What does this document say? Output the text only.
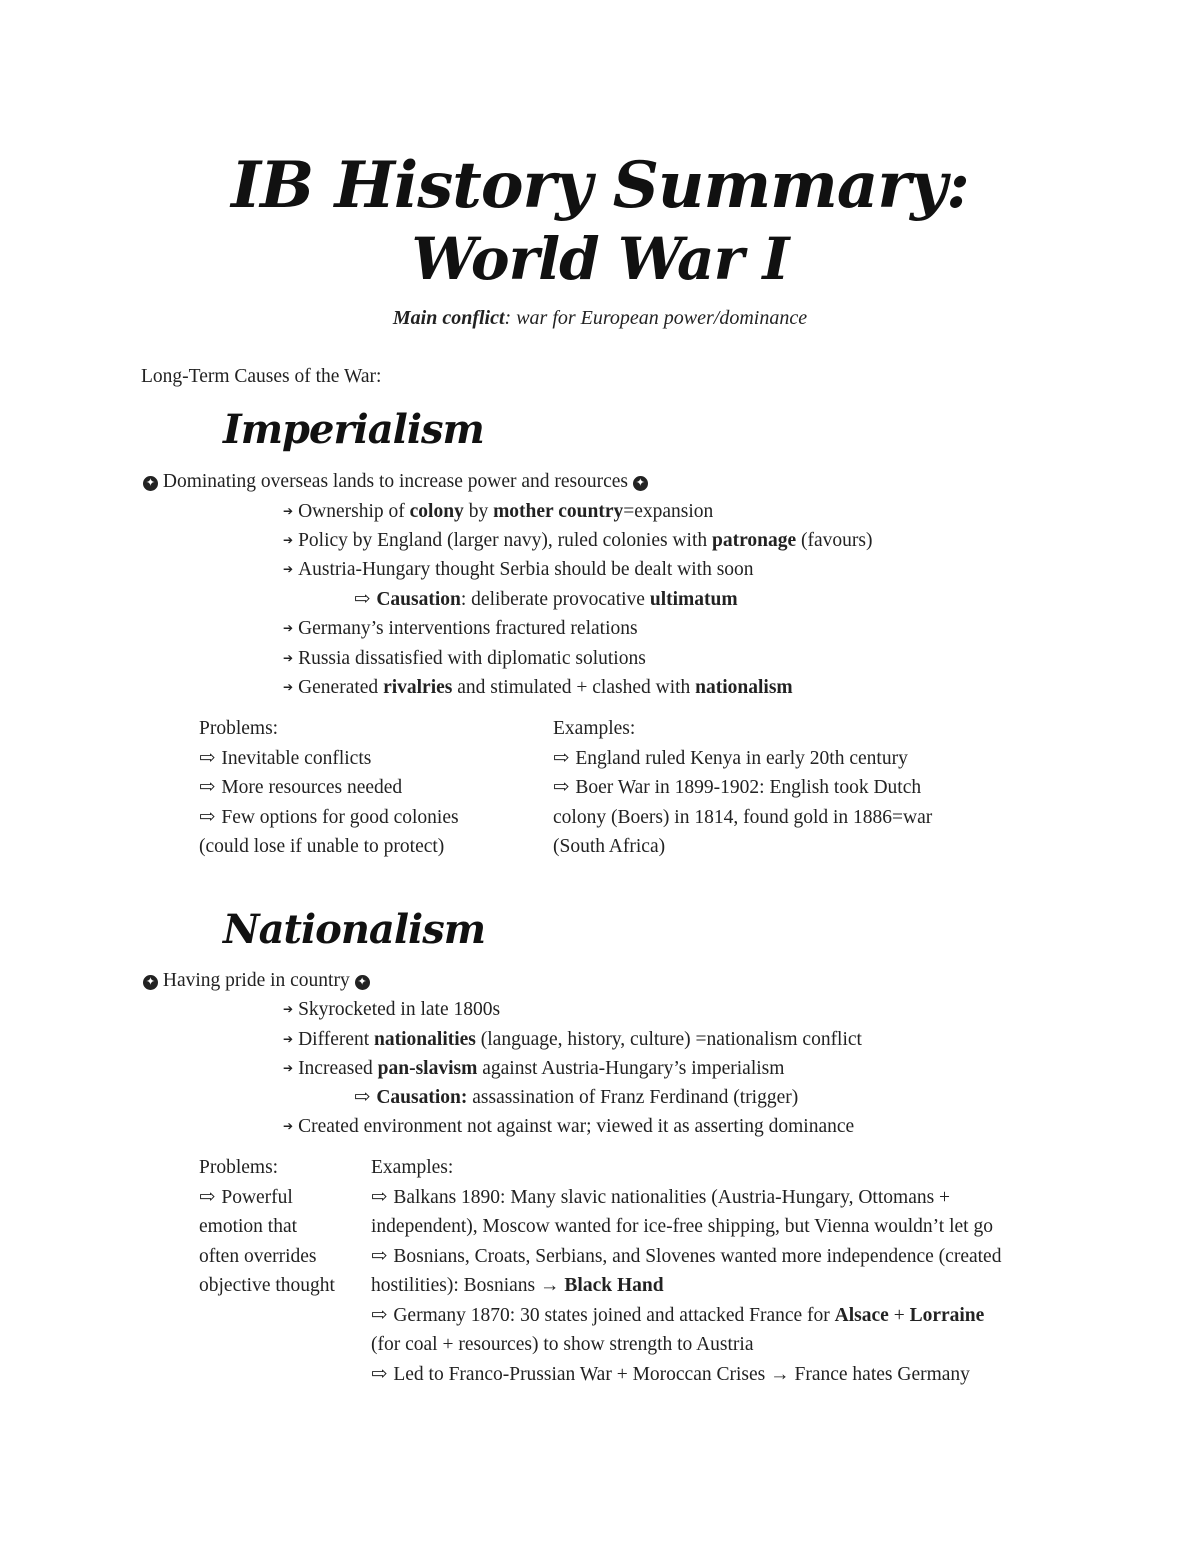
IB History Summary:
World War I
Main conflict: war for European power/dominance
Long-Term Causes of the War:
Imperialism
✦ Dominating overseas lands to increase power and resources ✦
➔ Ownership of colony by mother country=expansion
➔ Policy by England (larger navy), ruled colonies with patronage (favours)
➔ Austria-Hungary thought Serbia should be dealt with soon
⇨ Causation: deliberate provocative ultimatum
➔ Germany’s interventions fractured relations
➔ Russia dissatisfied with diplomatic solutions
➔ Generated rivalries and stimulated + clashed with nationalism
Problems:
⇨ Inevitable conflicts
⇨ More resources needed
⇨ Few options for good colonies
(could lose if unable to protect)
Examples:
⇨ England ruled Kenya in early 20th century
⇨ Boer War in 1899-1902: English took Dutch
colony (Boers) in 1814, found gold in 1886=war
(South Africa)
Nationalism
✦ Having pride in country ✦
➔ Skyrocketed in late 1800s
➔ Different nationalities (language, history, culture) =nationalism conflict
➔ Increased pan-slavism against Austria-Hungary’s imperialism
⇨ Causation: assassination of Franz Ferdinand (trigger)
➔ Created environment not against war; viewed it as asserting dominance
Problems:
⇨ Powerful
emotion that
often overrides
objective thought
Examples:
⇨ Balkans 1890: Many slavic nationalities (Austria-Hungary, Ottomans +
independent), Moscow wanted for ice-free shipping, but Vienna wouldn’t let go
⇨ Bosnians, Croats, Serbians, and Slovenes wanted more independence (created
hostilities): Bosnians → Black Hand
⇨ Germany 1870: 30 states joined and attacked France for Alsace + Lorraine
(for coal + resources) to show strength to Austria
⇨ Led to Franco-Prussian War + Moroccan Crises → France hates Germany
